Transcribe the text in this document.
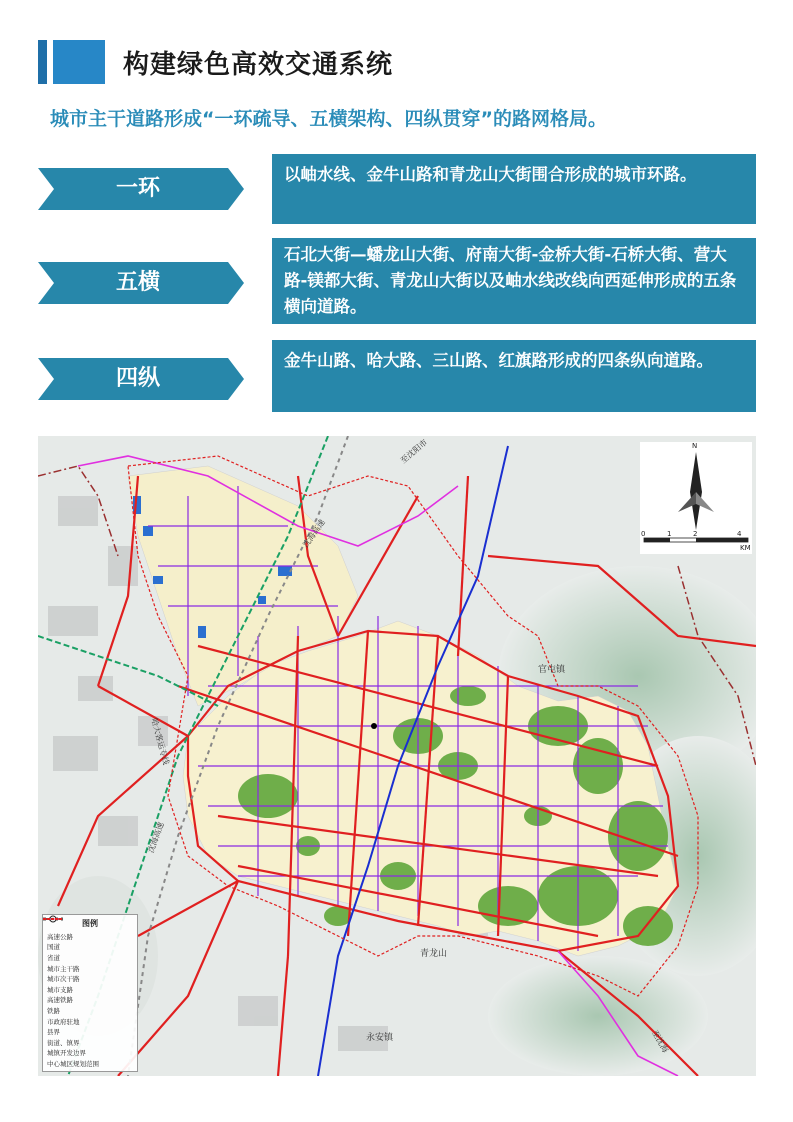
构建绿色高效交通系统
城市主干道路形成“一环疏导、五横架构、四纵贯穿”的路网格局。
一环
以岫水线、金牛山路和青龙山大街围合形成的城市环路。
五横
石北大街—蟠龙山大街、府南大街-金桥大街-石桥大街、营大路-镁都大街、青龙山大街以及岫水线改线向西延伸形成的五条横向道路。
四纵
金牛山路、哈大路、三山路、红旗路形成的四条纵向道路。
官屯镇
永安镇
青龙山
沈海高速
沈海高速
哈大客运专线
至沈阳市
至沈海
N
0	1	2	4
KM
图例
高速公路
国道
省道
城市主干路
城市次干路
城市支路
高速铁路
铁路
市政府驻地
县界
街道、镇界
城镇开发边界
中心城区规划范围
